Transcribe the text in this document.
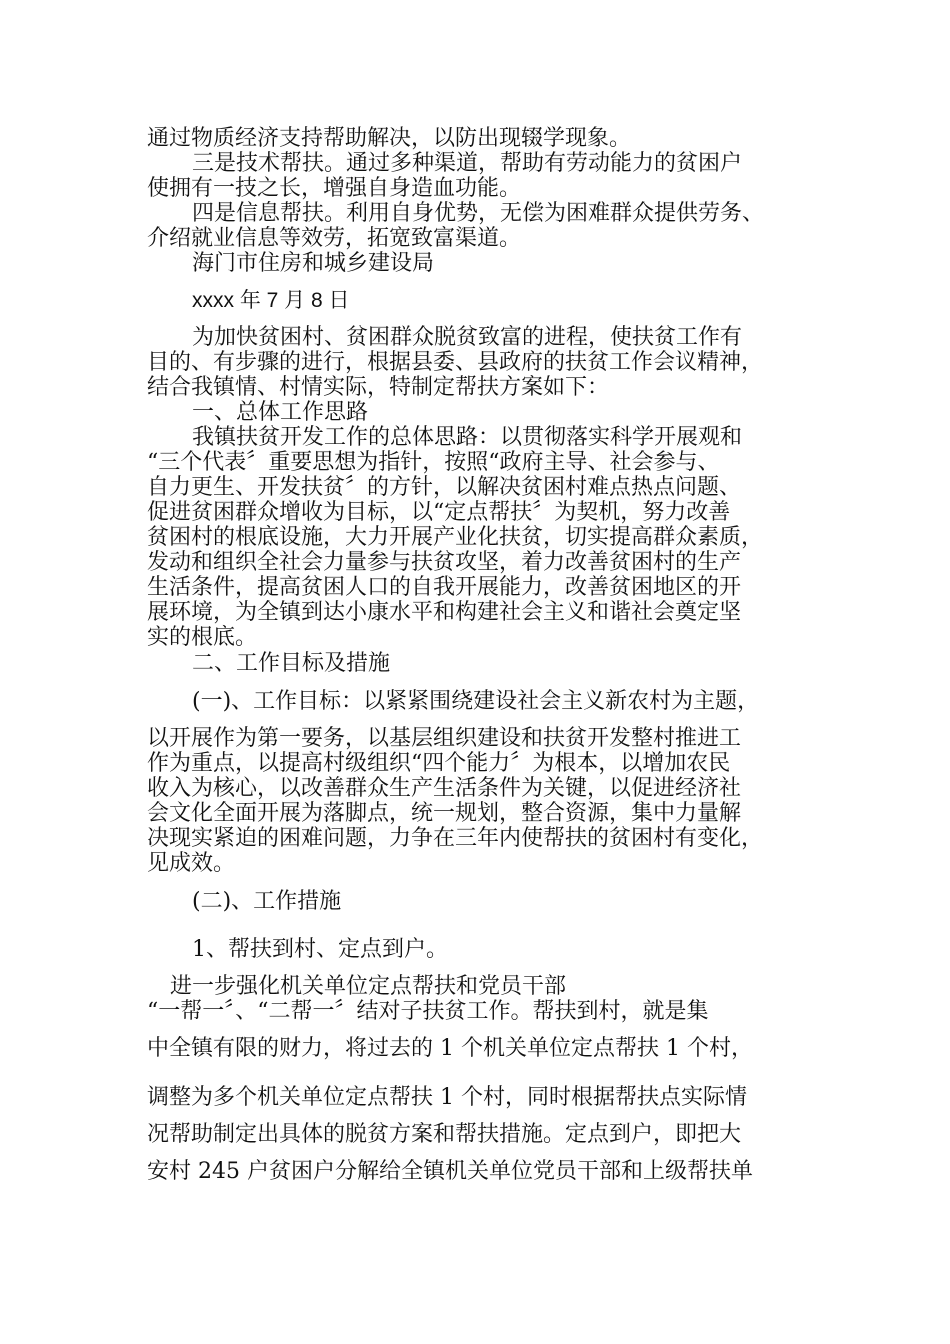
通过物质经济支持帮助解决，以防出现辍学现象。
三是技术帮扶。通过多种渠道，帮助有劳动能力的贫困户
使拥有一技之长，增强自身造血功能。
四是信息帮扶。利用自身优势，无偿为困难群众提供劳务、
介绍就业信息等效劳，拓宽致富渠道。
海门市住房和城乡建设局
xxxx 年 7 月 8 日
为加快贫困村、贫困群众脱贫致富的进程，使扶贫工作有
目的、有步骤的进行，根据县委、县政府的扶贫工作会议精神，
结合我镇情、村情实际，特制定帮扶方案如下：
一、总体工作思路
我镇扶贫开发工作的总体思路：以贯彻落实科学开展观和
“三个代表〞重要思想为指针，按照“政府主导、社会参与、
自力更生、开发扶贫〞的方针，以解决贫困村难点热点问题、
促进贫困群众增收为目标，以“定点帮扶〞为契机，努力改善
贫困村的根底设施，大力开展产业化扶贫，切实提高群众素质，
发动和组织全社会力量参与扶贫攻坚，着力改善贫困村的生产
生活条件，提高贫困人口的自我开展能力，改善贫困地区的开
展环境，为全镇到达小康水平和构建社会主义和谐社会奠定坚
实的根底。
二、工作目标及措施
(一)、工作目标：以紧紧围绕建设社会主义新农村为主题，
以开展作为第一要务，以基层组织建设和扶贫开发整村推进工
作为重点，以提高村级组织“四个能力〞为根本，以增加农民
收入为核心，以改善群众生产生活条件为关键，以促进经济社
会文化全面开展为落脚点，统一规划，整合资源，集中力量解
决现实紧迫的困难问题，力争在三年内使帮扶的贫困村有变化，
见成效。
(二)、工作措施
1、帮扶到村、定点到户。
进一步强化机关单位定点帮扶和党员干部
“一帮一〞、“二帮一〞结对子扶贫工作。帮扶到村，就是集
中全镇有限的财力，将过去的 1 个机关单位定点帮扶 1 个村，
调整为多个机关单位定点帮扶 1 个村，同时根据帮扶点实际情
况帮助制定出具体的脱贫方案和帮扶措施。定点到户，即把大
安村 245 户贫困户分解给全镇机关单位党员干部和上级帮扶单
